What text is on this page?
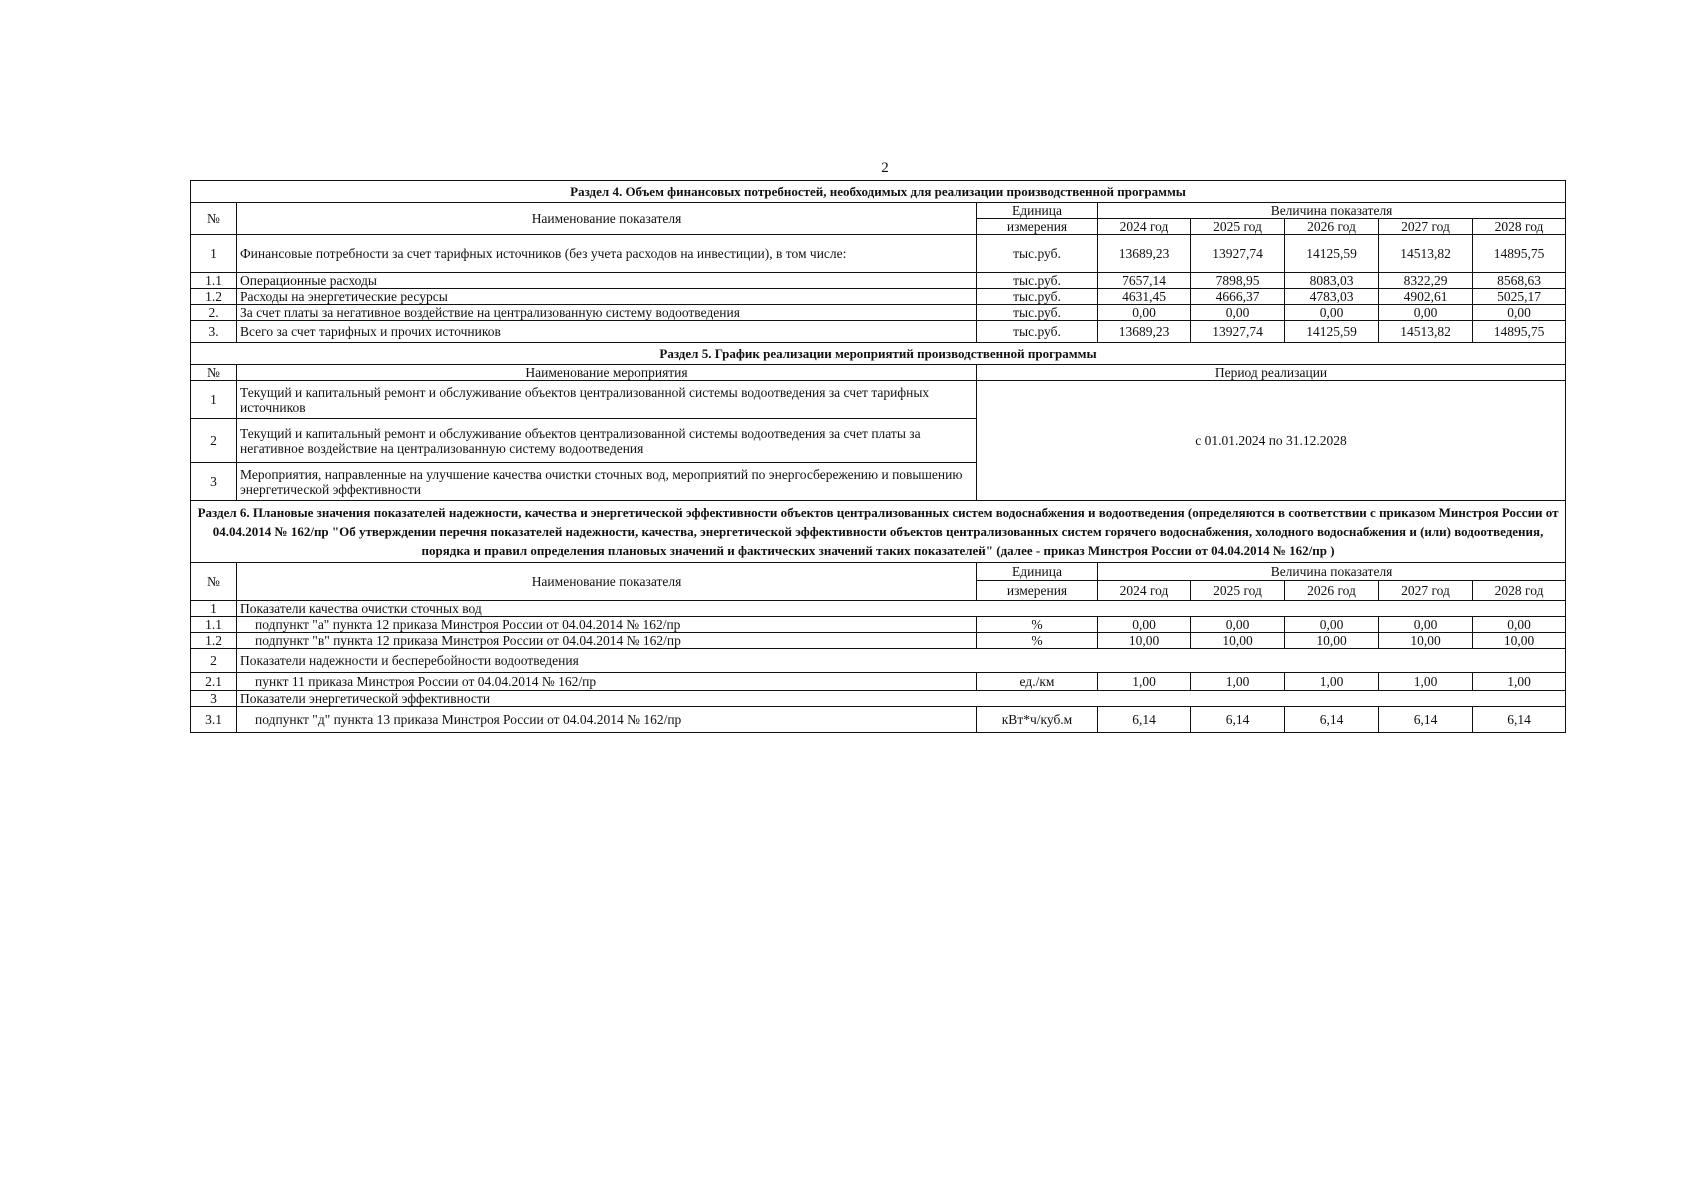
2
Раздел 4. Объем финансовых потребностей, необходимых для реализации производственной программы							
№	Наименование показателя	Единица	Величина показателя				
		измерения	2024 год	2025 год	2026 год	2027 год	2028 год
1	Финансовые потребности за счет тарифных источников (без учета расходов на инвестиции), в том числе:	тыс.руб.	13689,23	13927,74	14125,59	14513,82	14895,75
1.1	Операционные расходы	тыс.руб.	7657,14	7898,95	8083,03	8322,29	8568,63
1.2	Расходы на энергетические ресурсы	тыс.руб.	4631,45	4666,37	4783,03	4902,61	5025,17
2.	За счет платы за негативное воздействие на централизованную систему водоотведения	тыс.руб.	0,00	0,00	0,00	0,00	0,00
3.	Всего за счет тарифных и прочих источников	тыс.руб.	13689,23	13927,74	14125,59	14513,82	14895,75
Раздел 5. График реализации мероприятий производственной программы		
№	Наименование мероприятия	Период реализации
1	Текущий и капитальный ремонт и обслуживание объектов централизованной системы водоотведения за счет тарифных источников	с 01.01.2024 по 31.12.2028
2	Текущий и капитальный ремонт и обслуживание объектов централизованной системы водоотведения за счет платы за негативное воздействие на централизованную систему водоотведения	
3	Мероприятия, направленные на улучшение качества очистки сточных вод, мероприятий по энергосбережению и повышению энергетической эффективности	
Раздел 6. Плановые значения показателей надежности, качества и энергетической эффективности объектов централизованных систем водоснабжения и водоотведения (определяются в соответствии с приказом Минстроя России от 04.04.2014 № 162/пр "Об утверждении перечня показателей надежности, качества, энергетической эффективности объектов централизованных систем горячего водоснабжения, холодного водоснабжения и (или) водоотведения, порядка и правил определения плановых значений и фактических значений таких показателей" (далее - приказ Минстроя России от 04.04.2014 № 162/пр )							
№	Наименование показателя	Единица	Величина показателя				
		измерения	2024 год	2025 год	2026 год	2027 год	2028 год
1	Показатели качества очистки сточных вод						
1.1	подпункт "а" пункта 12 приказа Минстроя России от 04.04.2014 № 162/пр	%	0,00	0,00	0,00	0,00	0,00
1.2	подпункт "в" пункта 12 приказа Минстроя России от 04.04.2014 № 162/пр	%	10,00	10,00	10,00	10,00	10,00
2	Показатели надежности и бесперебойности водоотведения						
2.1	пункт 11 приказа Минстроя России от 04.04.2014 № 162/пр	ед./км	1,00	1,00	1,00	1,00	1,00
3	Показатели энергетической эффективности						
3.1	подпункт "д" пункта 13 приказа Минстроя России от 04.04.2014 № 162/пр	кВт*ч/куб.м	6,14	6,14	6,14	6,14	6,14
